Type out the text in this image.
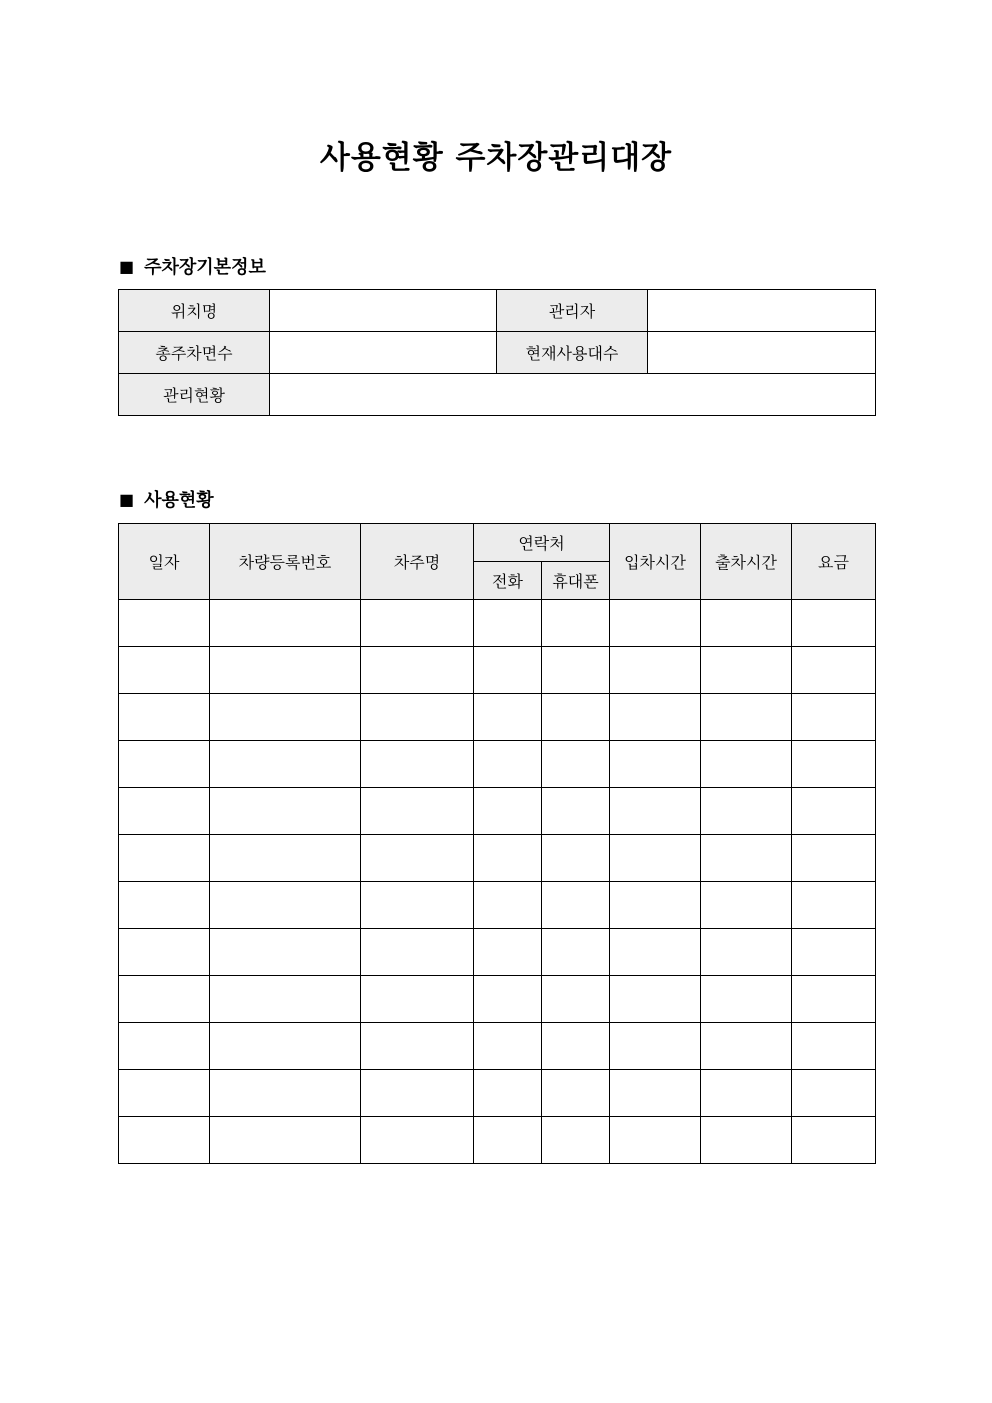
사용현황 주차장관리대장
■ 주차장기본정보
위치명		관리자	
총주차면수		현재사용대수	
관리현황			
■ 사용현황
일자	차량등록번호	차주명	연락처		입차시간	출차시간	요금
			전화	휴대폰			
